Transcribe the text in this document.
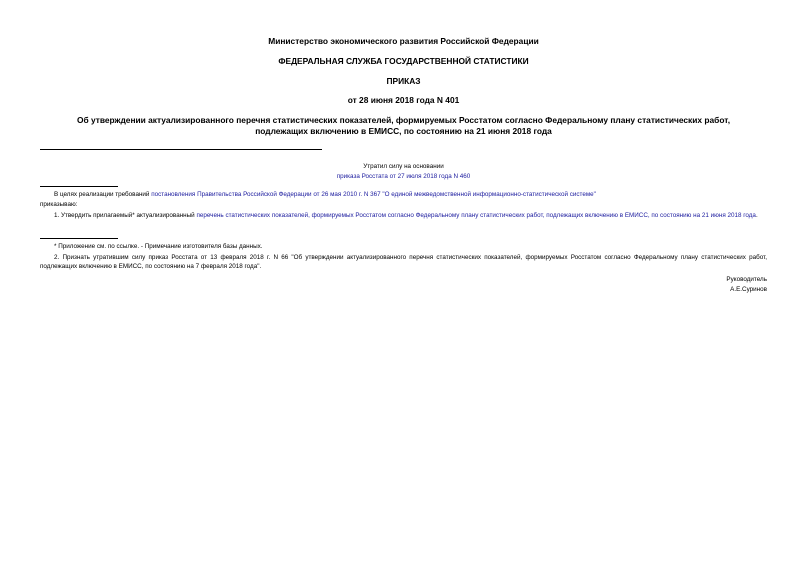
Министерство экономического развития Российской Федерации
ФЕДЕРАЛЬНАЯ СЛУЖБА ГОСУДАРСТВЕННОЙ СТАТИСТИКИ
ПРИКАЗ
от 28 июня 2018 года N 401
Об утверждении актуализированного перечня статистических показателей, формируемых Росстатом согласно Федеральному плану статистических работ,
подлежащих включению в ЕМИСС, по состоянию на 21 июня 2018 года
Утратил силу на основании
приказа Росстата от 27 июля 2018 года N 460
В целях реализации требований постановления Правительства Российской Федерации от 26 мая 2010 г. N 367 "О единой межведомственной информационно-статистической системе"
приказываю:
1. Утвердить прилагаемый* актуализированный перечень статистических показателей, формируемых Росстатом согласно Федеральному плану статистических работ, подлежащих включению в ЕМИСС, по состоянию на 21 июня 2018 года.
* Приложение см. по ссылке. - Примечание изготовителя базы данных.
2. Признать утратившим силу приказ Росстата от 13 февраля 2018 г. N 66 "Об утверждении актуализированного перечня статистических показателей, формируемых Росстатом согласно Федеральному плану статистических работ, подлежащих включению в ЕМИСС, по состоянию на 7 февраля 2018 года".
Руководитель
А.Е.Суринов
